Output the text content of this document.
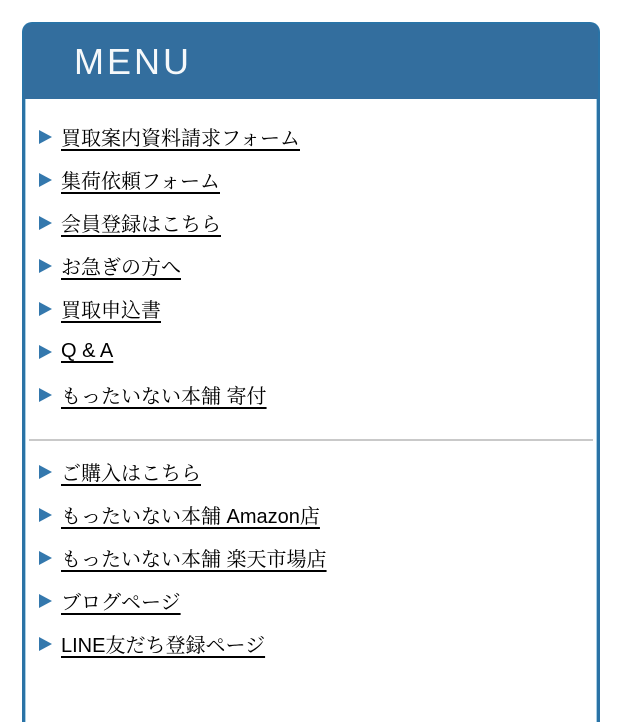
MENU
買取案内資料請求フォーム
集荷依頼フォーム
会員登録はこちら
お急ぎの方へ
買取申込書
Q & A
もったいない本舗 寄付
ご購入はこちら
もったいない本舗 Amazon店
もったいない本舗 楽天市場店
ブログページ
LINE友だち登録ページ
